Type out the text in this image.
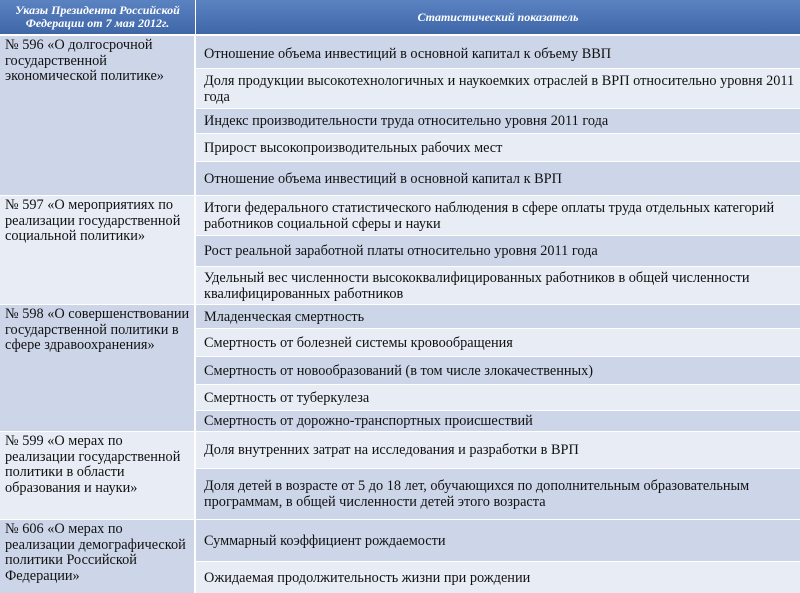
Указы Президента Российской Федерации от 7 мая 2012г.	Статистический показатель
№ 596 «О долгосрочной государственной экономической политике»
Отношение объема инвестиций в основной капитал к объему ВВП
Доля продукции высокотехнологичных и наукоемких отраслей в ВРП относительно уровня 2011 года
Индекс производительности труда относительно уровня 2011 года
Прирост высокопроизводительных рабочих мест
Отношение объема инвестиций в основной капитал к ВРП
№ 597 «О мероприятиях по реализации государственной социальной политики»
Итоги федерального статистического наблюдения в сфере оплаты труда отдельных категорий работников социальной сферы и науки
Рост реальной заработной платы относительно уровня 2011 года
Удельный вес численности высококвалифицированных работников в общей численности квалифицированных работников
№ 598 «О совершенствовании государственной политики в сфере здравоохранения»
Младенческая смертность
Смертность от болезней системы кровообращения
Смертность от новообразований (в том числе злокачественных)
Смертность от туберкулеза
Смертность от дорожно-транспортных происшествий
№ 599 «О мерах по реализации государственной политики в области образования и науки»
Доля внутренних затрат на исследования и разработки в ВРП
Доля детей в возрасте от 5 до 18 лет, обучающихся по дополнительным образовательным программам, в общей численности детей этого возраста
№ 606 «О мерах по реализации демографической политики Российской Федерации»
Суммарный коэффициент рождаемости
Ожидаемая продолжительность жизни при рождении
